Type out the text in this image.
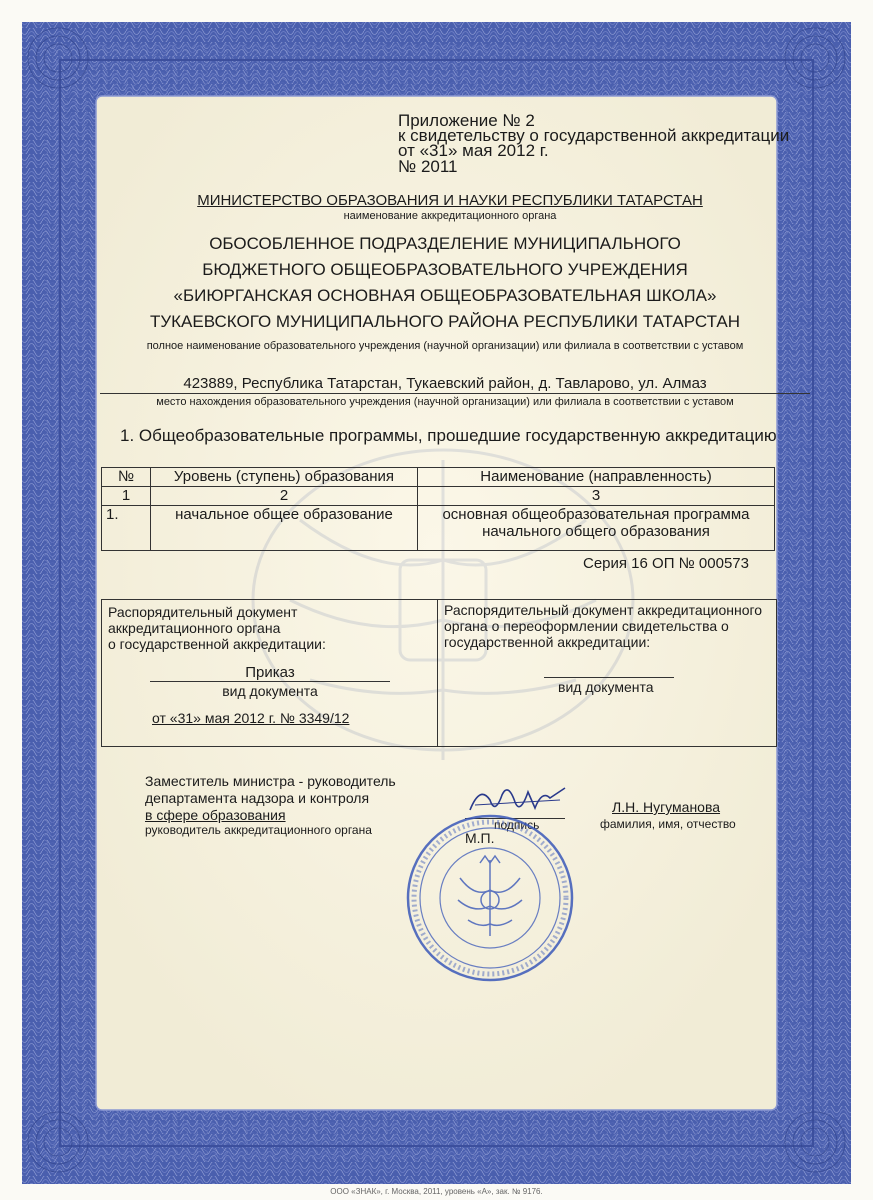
Приложение № 2
к свидетельству о государственной аккредитации
от «31» мая 2012 г.
№ 2011
МИНИСТЕРСТВО ОБРАЗОВАНИЯ И НАУКИ РЕСПУБЛИКИ ТАТАРСТАН
наименование аккредитационного органа
ОБОСОБЛЕННОЕ ПОДРАЗДЕЛЕНИЕ МУНИЦИПАЛЬНОГО
БЮДЖЕТНОГО ОБЩЕОБРАЗОВАТЕЛЬНОГО УЧРЕЖДЕНИЯ
«БИЮРГАНСКАЯ ОСНОВНАЯ ОБЩЕОБРАЗОВАТЕЛЬНАЯ ШКОЛА»
ТУКАЕВСКОГО МУНИЦИПАЛЬНОГО РАЙОНА РЕСПУБЛИКИ ТАТАРСТАН
полное наименование образовательного учреждения (научной организации) или филиала в соответствии с уставом
423889, Республика Татарстан, Тукаевский район, д. Тавларово, ул. Алмаз
место нахождения образовательного учреждения (научной организации) или филиала в соответствии с уставом
1. Общеобразовательные программы, прошедшие государственную аккредитацию
№	Уровень (ступень) образования	Наименование (направленность)
1	2	3
1.	начальное общее образование	основная общеобразовательная программа
начального общего образования
Серия 16 ОП № 000573
Распорядительный документ
аккредитационного органа
о государственной аккредитации:
Приказ
вид документа
от «31» мая 2012 г. № 3349/12
Распорядительный документ аккредитационного
органа о переоформлении свидетельства о
государственной аккредитации:
вид документа
Заместитель министра - руководитель
департамента надзора и контроля
в сфере образования
руководитель аккредитационного органа	подпись
М.П.
Л.Н. Нугуманова
фамилия, имя, отчество
ООО «ЗНАК», г. Москва, 2011, уровень «А», зак. № 9176.
